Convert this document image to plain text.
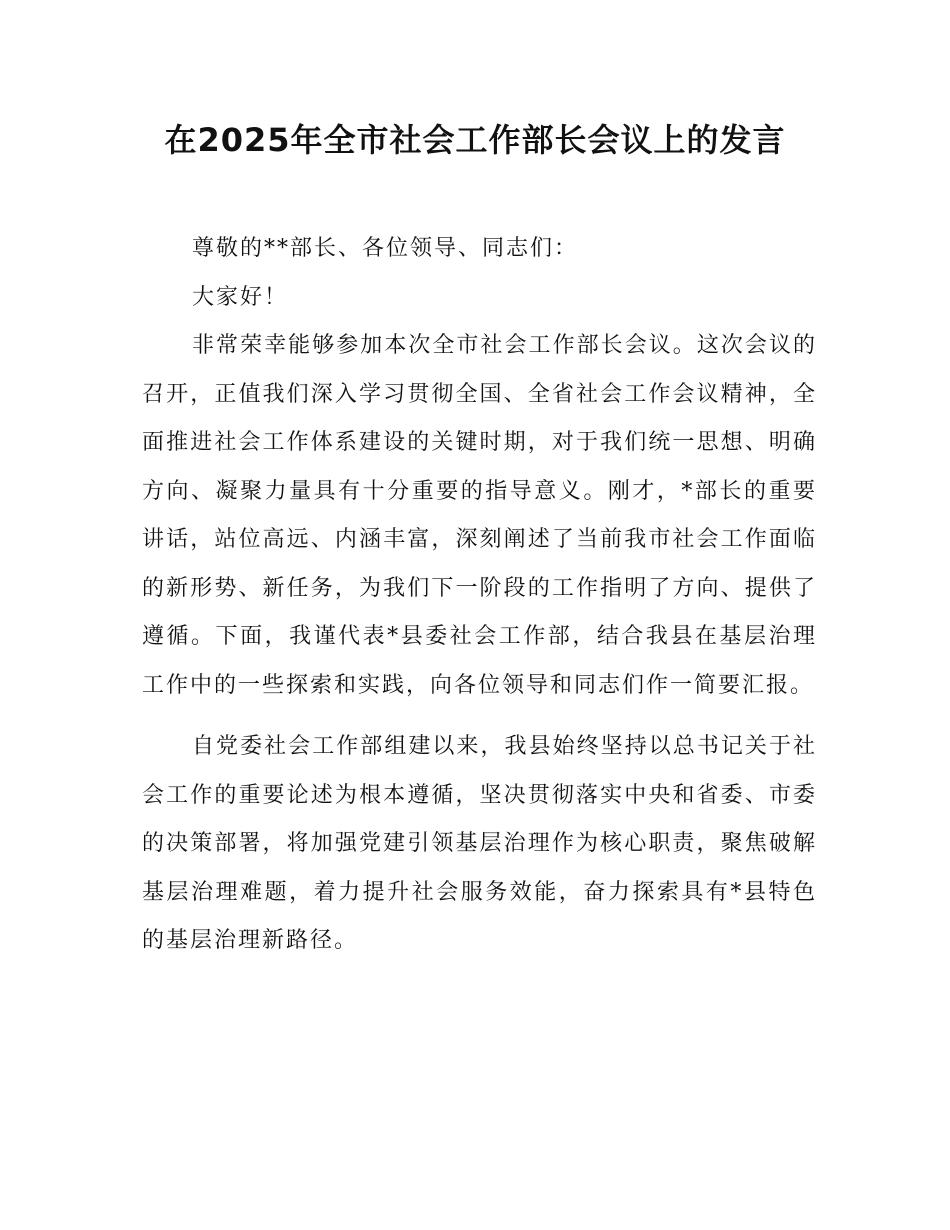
在2025年全市社会工作部长会议上的发言

尊敬的**部长、各位领导、同志们：

大家好！

非常荣幸能够参加本次全市社会工作部长会议。这次会议的召开，正值我们深入学习贯彻全国、全省社会工作会议精神，全面推进社会工作体系建设的关键时期，对于我们统一思想、明确方向、凝聚力量具有十分重要的指导意义。刚才，*部长的重要讲话，站位高远、内涵丰富，深刻阐述了当前我市社会工作面临的新形势、新任务，为我们下一阶段的工作指明了方向、提供了遵循。下面，我谨代表*县委社会工作部，结合我县在基层治理工作中的一些探索和实践，向各位领导和同志们作一简要汇报。

自党委社会工作部组建以来，我县始终坚持以总书记关于社会工作的重要论述为根本遵循，坚决贯彻落实中央和省委、市委的决策部署，将加强党建引领基层治理作为核心职责，聚焦破解基层治理难题，着力提升社会服务效能，奋力探索具有*县特色的基层治理新路径。
